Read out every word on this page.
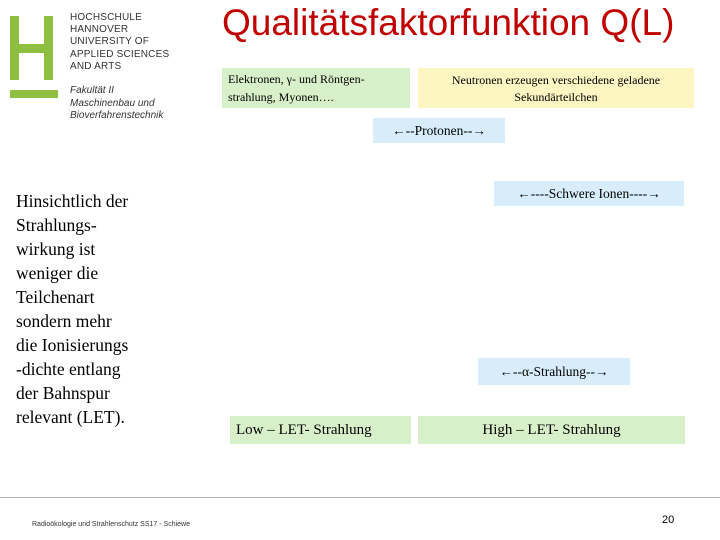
HOCHSCHULE
HANNOVER
UNIVERSITY OF
APPLIED SCIENCES
AND ARTS
Fakultät II
Maschinenbau und
Bioverfahrenstechnik
Qualitätsfaktorfunktion Q(L)
Elektronen, γ- und Röntgen-strahlung, Myonen….
Neutronen erzeugen verschiedene geladene Sekundärteilchen
←--Protonen--→
←----Schwere Ionen----→
←--α-Strahlung--→
Low – LET- Strahlung	High – LET- Strahlung
Hinsichtlich der
Strahlungs-
wirkung ist
weniger die
Teilchenart
sondern mehr
die Ionisierungs
-dichte entlang
der Bahnspur
relevant (LET).
Radioökologie und Strahlenschutz SS17 - Schiewe	20
